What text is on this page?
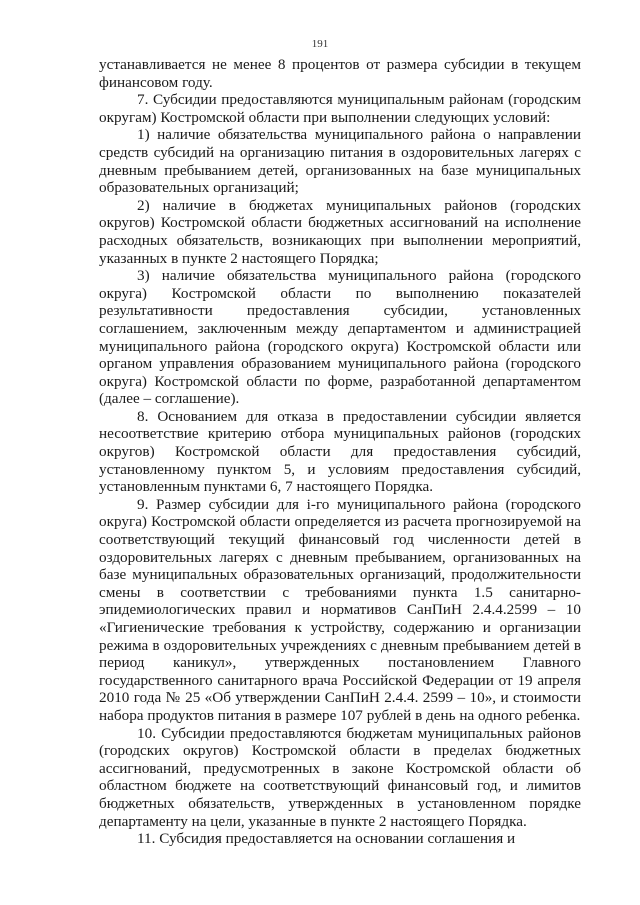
191

устанавливается не менее 8 процентов от размера субсидии в текущем финансовом году.

7. Субсидии предоставляются муниципальным районам (городским округам) Костромской области при выполнении следующих условий:

1) наличие обязательства муниципального района о направлении средств субсидий на организацию питания в оздоровительных лагерях с дневным пребыванием детей, организованных на базе муниципальных образовательных организаций;

2) наличие в бюджетах муниципальных районов (городских округов) Костромской области бюджетных ассигнований на исполнение расходных обязательств, возникающих при выполнении мероприятий, указанных в пункте 2 настоящего Порядка;

3) наличие обязательства муниципального района (городского округа) Костромской области по выполнению показателей результативности предоставления субсидии, установленных соглашением, заключенным между департаментом и администрацией муниципального района (городского округа) Костромской области или органом управления образованием муниципального района (городского округа) Костромской области по форме, разработанной департаментом (далее – соглашение).

8. Основанием для отказа в предоставлении субсидии является несоответствие критерию отбора муниципальных районов (городских округов) Костромской области для предоставления субсидий, установленному пунктом 5, и условиям предоставления субсидий, установленным пунктами 6, 7 настоящего Порядка.

9. Размер субсидии для i-го муниципального района (городского округа) Костромской области определяется из расчета прогнозируемой на соответствующий текущий финансовый год численности детей в оздоровительных лагерях с дневным пребыванием, организованных на базе муниципальных образовательных организаций, продолжительности смены в соответствии с требованиями пункта 1.5 санитарно-эпидемиологических правил и нормативов СанПиН 2.4.4.2599 – 10 «Гигиенические требования к устройству, содержанию и организации режима в оздоровительных учреждениях с дневным пребыванием детей в период каникул», утвержденных постановлением Главного государственного санитарного врача Российской Федерации от 19 апреля 2010 года № 25 «Об утверждении СанПиН 2.4.4. 2599 – 10», и стоимости набора продуктов питания в размере 107 рублей в день на одного ребенка.

10. Субсидии предоставляются бюджетам муниципальных районов (городских округов) Костромской области в пределах бюджетных ассигнований, предусмотренных в законе Костромской области об областном бюджете на соответствующий финансовый год, и лимитов бюджетных обязательств, утвержденных в установленном порядке департаменту на цели, указанные в пункте 2 настоящего Порядка.

11. Субсидия предоставляется на основании соглашения и
